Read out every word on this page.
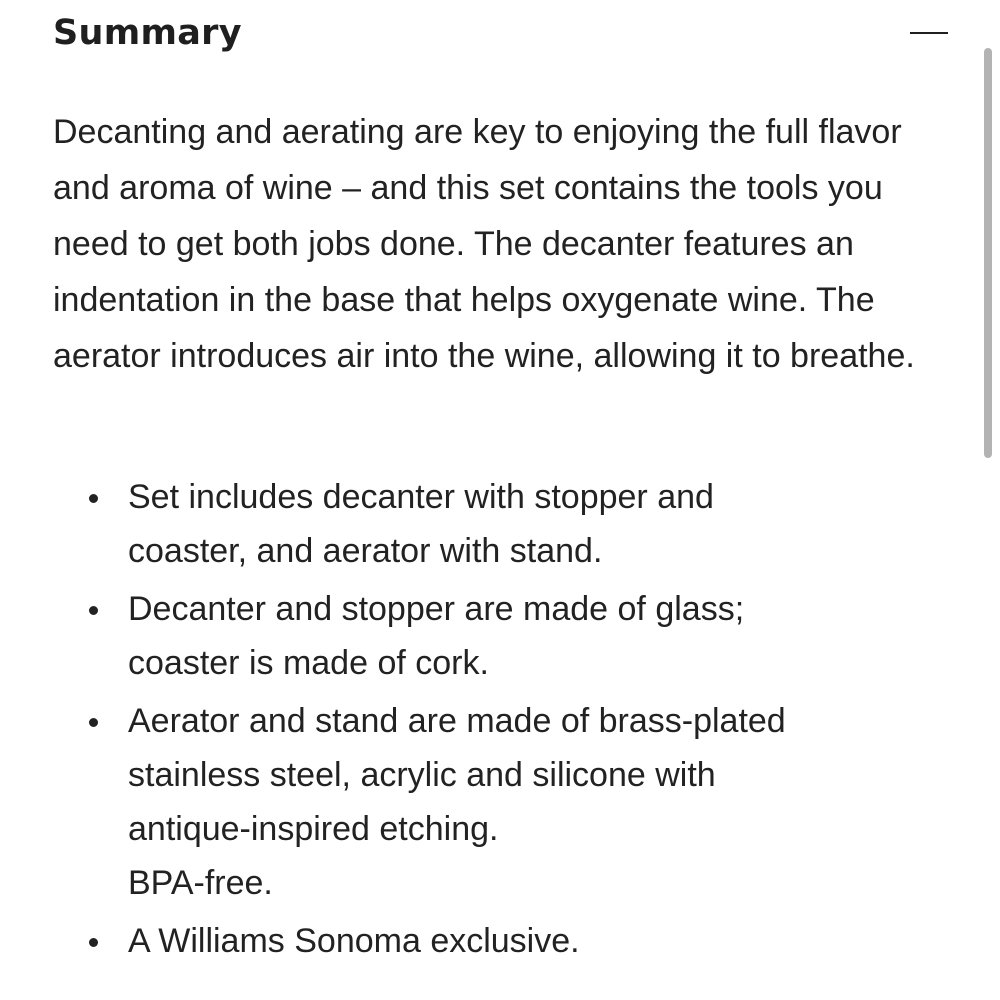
Summary

Decanting and aerating are key to enjoying the full flavor and aroma of wine – and this set contains the tools you need to get both jobs done. The decanter features an indentation in the base that helps oxygenate wine. The aerator introduces air into the wine, allowing it to breathe.

Set includes decanter with stopper and coaster, and aerator with stand.
Decanter and stopper are made of glass; coaster is made of cork.
Aerator and stand are made of brass-plated stainless steel, acrylic and silicone with antique-inspired etching.
BPA-free.
A Williams Sonoma exclusive.
